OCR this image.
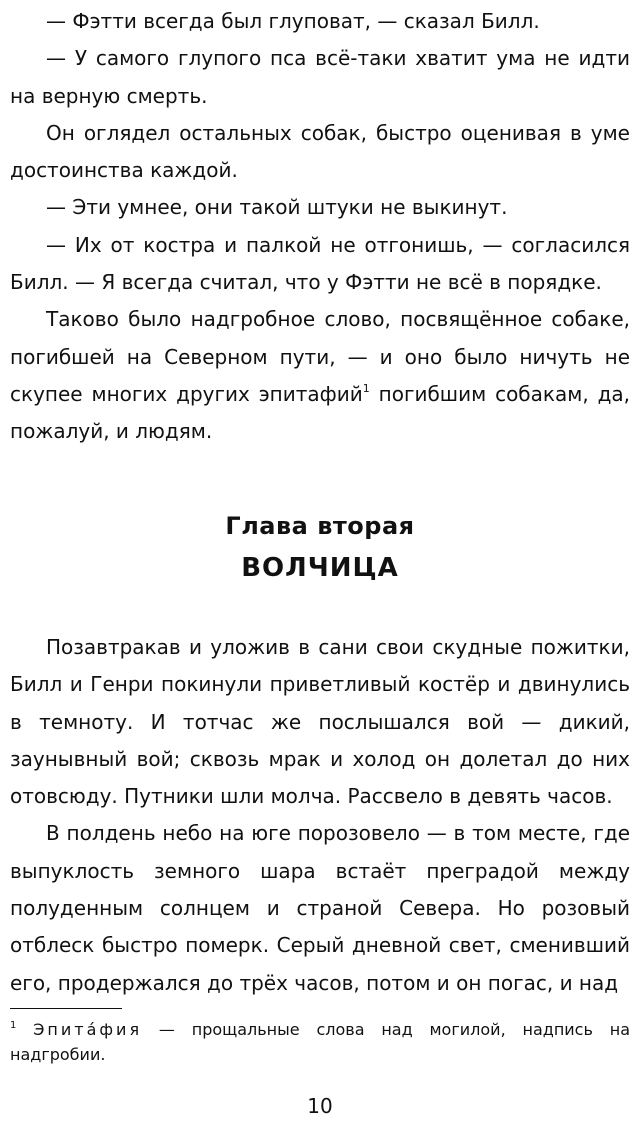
— Фэтти всегда был глуповат, — сказал Билл.

— У самого глупого пса всё-таки хватит ума не идти на верную смерть.

Он оглядел остальных собак, быстро оценивая в уме достоинства каждой.

— Эти умнее, они такой штуки не выкинут.

— Их от костра и палкой не отгонишь, — согласился Билл. — Я всегда считал, что у Фэтти не всё в порядке.

Таково было надгробное слово, посвящённое собаке, погибшей на Северном пути, — и оно было ничуть не скупее многих других эпитафий$^1$ погибшим собакам, да, пожалуй, и людям.

Глава вторая
ВОЛЧИЦА

Позавтракав и уложив в сани свои скудные пожитки, Билл и Генри покинули приветливый костёр и двинулись в темноту. И тотчас же послышался вой — дикий, заунывный вой; сквозь мрак и холод он долетал до них отовсюду. Путники шли молча. Рассвело в девять часов.

В полдень небо на юге порозовело — в том месте, где выпуклость земного шара встаёт преградой между полуденным солнцем и страной Севера. Но розовый отблеск быстро померк. Серый дневной свет, сменивший его, продержался до трёх часов, потом и он погас, и над

$^1$ Эпита́фия — прощальные слова над могилой, надпись на надгробии.

10
